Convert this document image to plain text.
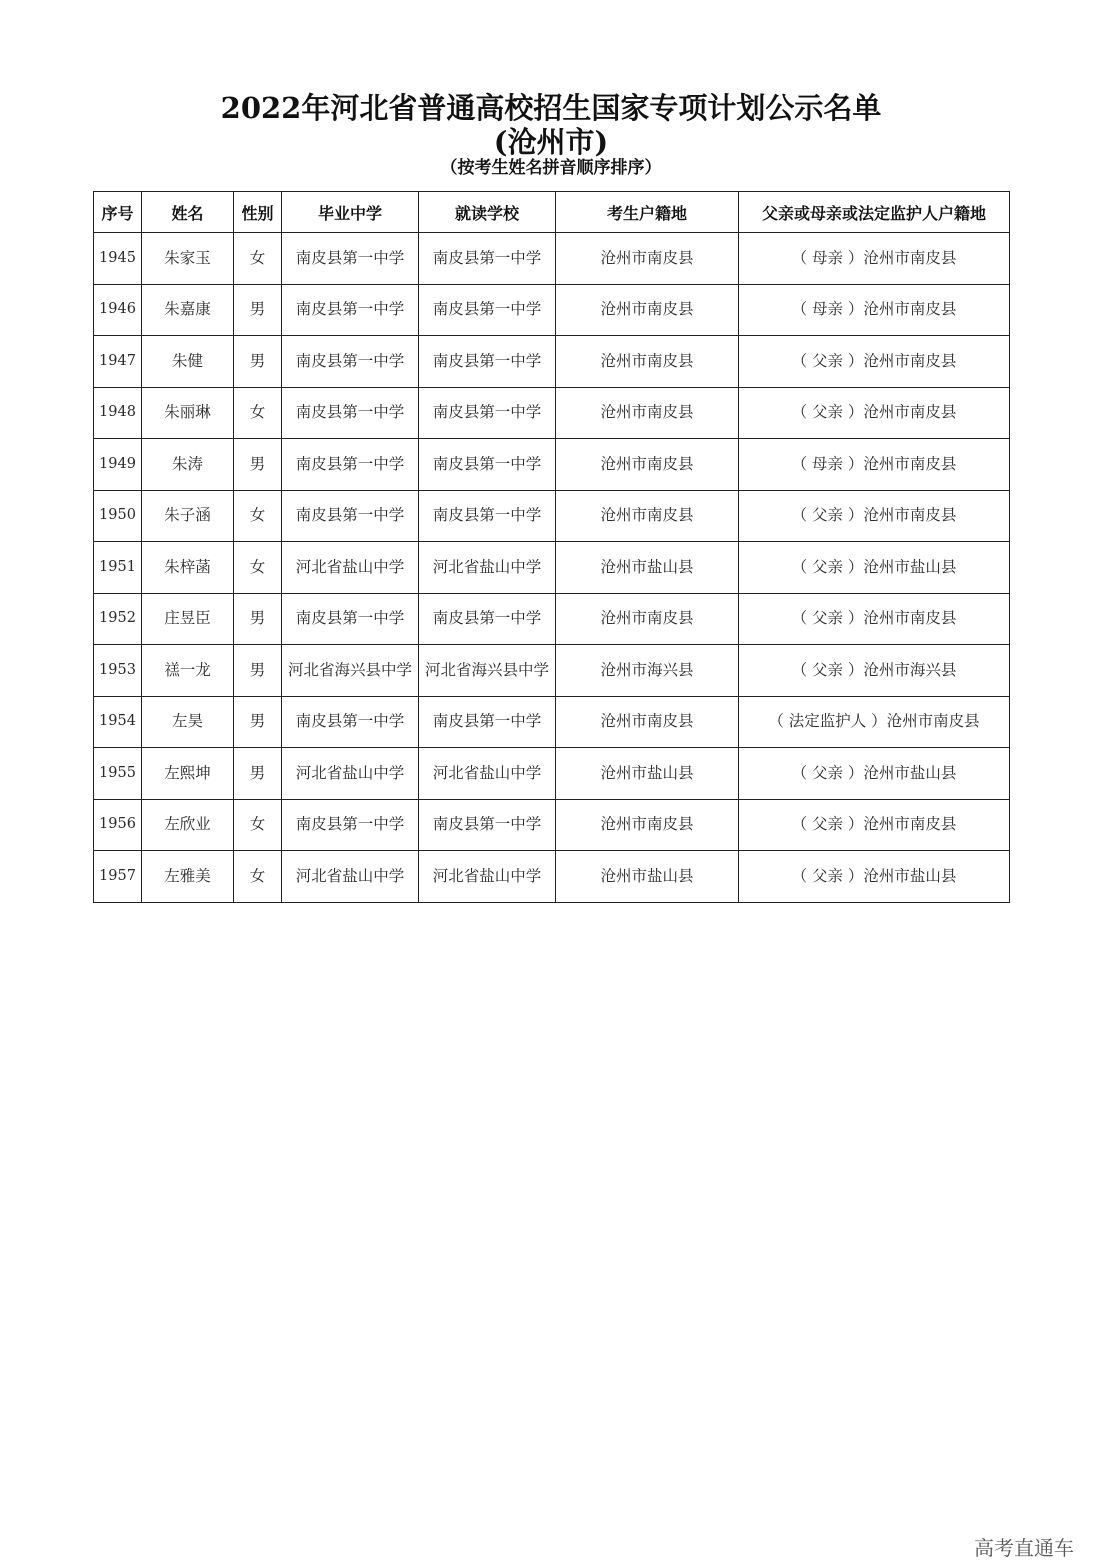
2022年河北省普通高校招生国家专项计划公示名单
(沧州市)
（按考生姓名拼音顺序排序）
序号	姓名	性别	毕业中学	就读学校	考生户籍地	父亲或母亲或法定监护人户籍地
1945	朱家玉	女	南皮县第一中学	南皮县第一中学	沧州市南皮县	（ 母亲 ）沧州市南皮县
1946	朱嘉康	男	南皮县第一中学	南皮县第一中学	沧州市南皮县	（ 母亲 ）沧州市南皮县
1947	朱健	男	南皮县第一中学	南皮县第一中学	沧州市南皮县	（ 父亲 ）沧州市南皮县
1948	朱丽琳	女	南皮县第一中学	南皮县第一中学	沧州市南皮县	（ 父亲 ）沧州市南皮县
1949	朱涛	男	南皮县第一中学	南皮县第一中学	沧州市南皮县	（ 母亲 ）沧州市南皮县
1950	朱子涵	女	南皮县第一中学	南皮县第一中学	沧州市南皮县	（ 父亲 ）沧州市南皮县
1951	朱梓菡	女	河北省盐山中学	河北省盐山中学	沧州市盐山县	（ 父亲 ）沧州市盐山县
1952	庄昱臣	男	南皮县第一中学	南皮县第一中学	沧州市南皮县	（ 父亲 ）沧州市南皮县
1953	禚一龙	男	河北省海兴县中学	河北省海兴县中学	沧州市海兴县	（ 父亲 ）沧州市海兴县
1954	左昊	男	南皮县第一中学	南皮县第一中学	沧州市南皮县	（ 法定监护人 ）沧州市南皮县
1955	左熙坤	男	河北省盐山中学	河北省盐山中学	沧州市盐山县	（ 父亲 ）沧州市盐山县
1956	左欣业	女	南皮县第一中学	南皮县第一中学	沧州市南皮县	（ 父亲 ）沧州市南皮县
1957	左雅美	女	河北省盐山中学	河北省盐山中学	沧州市盐山县	（ 父亲 ）沧州市盐山县
高考直通车
